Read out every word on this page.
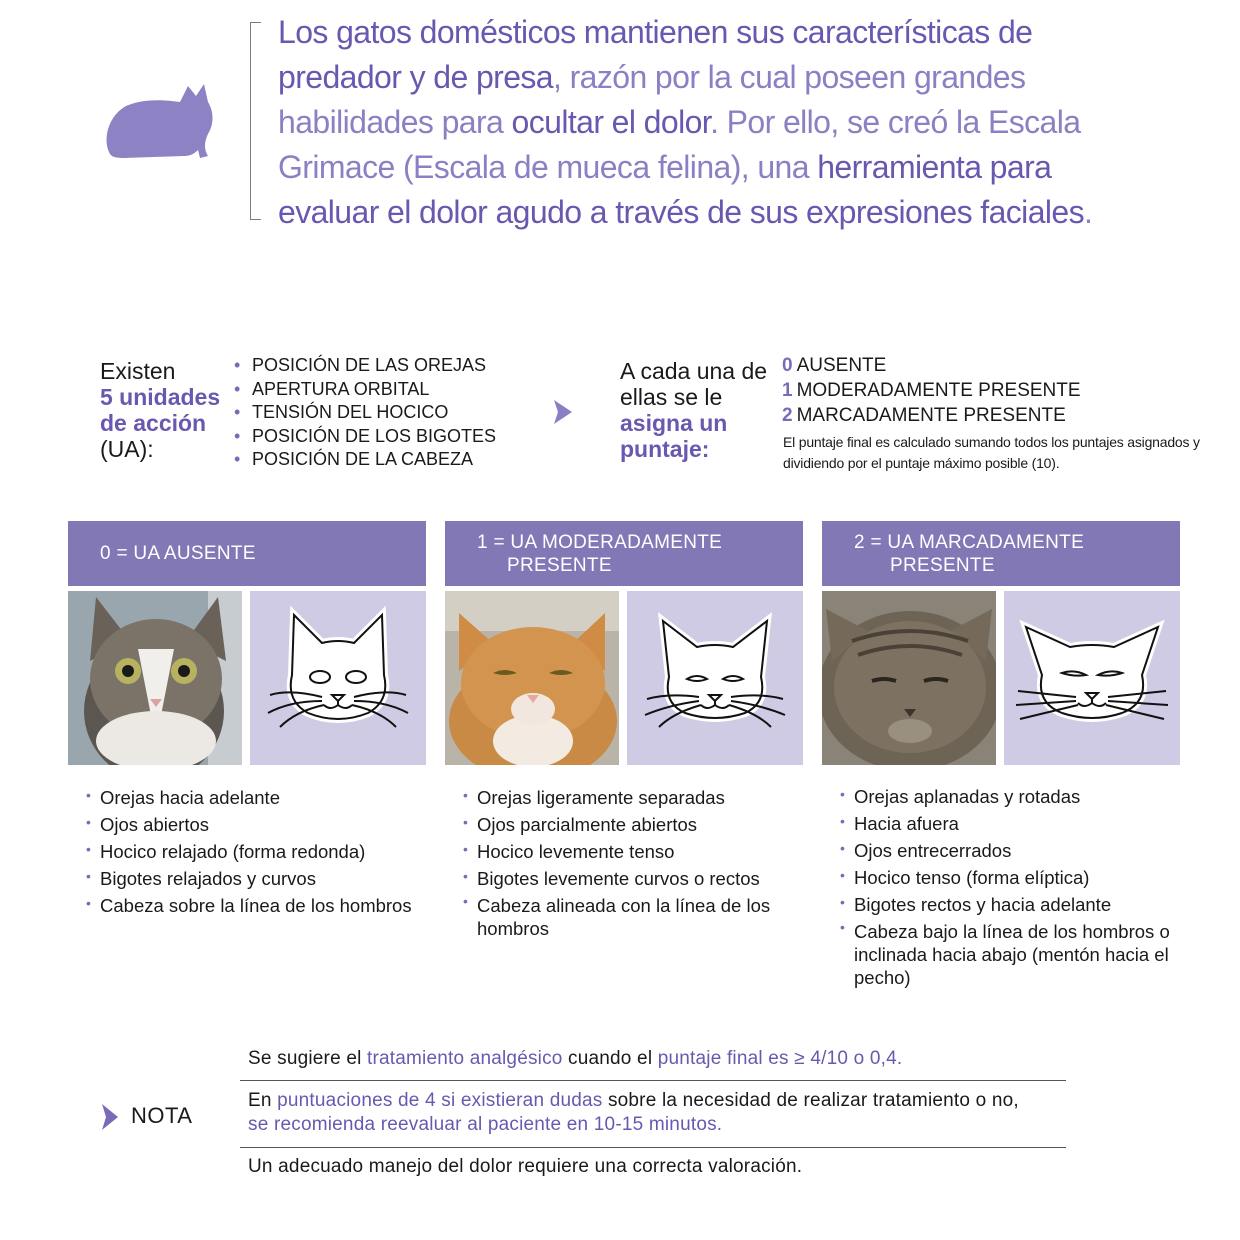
Los gatos domésticos mantienen sus características de predador y de presa, razón por la cual poseen grandes habilidades para ocultar el dolor. Por ello, se creó la Escala Grimace (Escala de mueca felina), una herramienta para evaluar el dolor agudo a través de sus expresiones faciales.

Existen
5 unidades de acción
(UA):
• POSICIÓN DE LAS OREJAS
• APERTURA ORBITAL
• TENSIÓN DEL HOCICO
• POSICIÓN DE LOS BIGOTES
• POSICIÓN DE LA CABEZA
A cada una de ellas se le asigna un puntaje:
0 AUSENTE
1 MODERADAMENTE PRESENTE
2 MARCADAMENTE PRESENTE
El puntaje final es calculado sumando todos los puntajes asignados y dividiendo por el puntaje máximo posible (10).
0 = UA AUSENTE
• Orejas hacia adelante
• Ojos abiertos
• Hocico relajado (forma redonda)
• Bigotes relajados y curvos
• Cabeza sobre la línea de los hombros
1 = UA MODERADAMENTE
PRESENTE
• Orejas ligeramente separadas
• Ojos parcialmente abiertos
• Hocico levemente tenso
• Bigotes levemente curvos o rectos
• Cabeza alineada con la línea de los hombros
2 = UA MARCADAMENTE
PRESENTE
• Orejas aplanadas y rotadas
• Hacia afuera
• Ojos entrecerrados
• Hocico tenso (forma elíptica)
• Bigotes rectos y hacia adelante
• Cabeza bajo la línea de los hombros o inclinada hacia abajo (mentón hacia el pecho)
NOTA
Se sugiere el tratamiento analgésico cuando el puntaje final es ≥ 4/10 o 0,4.
En puntuaciones de 4 si existieran dudas sobre la necesidad de realizar tratamiento o no,
se recomienda reevaluar al paciente en 10-15 minutos.
Un adecuado manejo del dolor requiere una correcta valoración.
